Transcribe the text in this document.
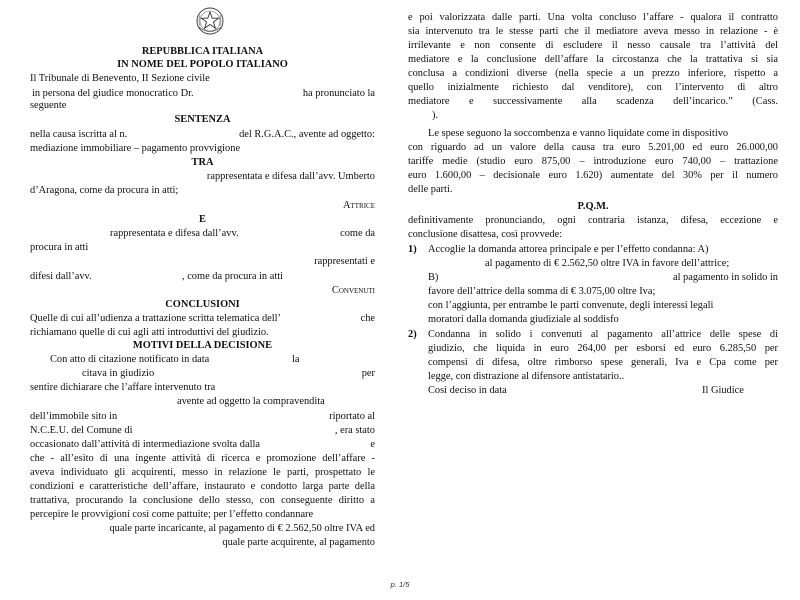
REPUBBLICA ITALIANA
IN NOME DEL POPOLO ITALIANO
Il Tribunale di Benevento, II Sezione civile
in persona del giudice monocratico Dr.	ha pronunciato la
seguente
SENTENZA
nella causa iscritta al n.	del R.G.A.C., avente ad oggetto:
mediazione immobiliare – pagamento provvigione
TRA
rappresentata e difesa dall’avv. Umberto
d’Aragona, come da procura in atti;
Attrice
E
rappresentata e difesa dall’avv.	come da
procura in atti
rappresentati e
difesi dall’avv.	, come da procura in atti
Convenuti
CONCLUSIONI
Quelle di cui all’udienza a trattazione scritta telematica dell’	che
richiamano quelle di cui agli atti introduttivi del giudizio.
MOTIVI DELLA DECISIONE
Con atto di citazione notificato in data	la
citava in giudizio	per
sentire dichiarare che l’affare intervenuto tra
avente ad oggetto la compravendita
dell’immobile sito in	riportato al
N.C.E.U. del Comune di	, era stato
occasionato dall’attività di intermediazione svolta dalla	e
che - all’esito di una ingente attività di ricerca e promozione dell’affare -
aveva individuato gli acquirenti, messo in relazione le parti, prospettato le
condizioni e caratteristiche dell’affare, instaurato e condotto larga parte della
trattativa, procurando la conclusione dello stesso, con conseguente diritto a
percepire le provvigioni così come pattuite; per l’effetto condannare
quale parte incaricante, al pagamento di € 2.562,50 oltre IVA ed
quale parte acquirente, al pagamento
e poi valorizzata dalle parti. Una volta concluso l’affare - qualora il contratto
sia intervenuto tra le stesse parti che il mediatore aveva messo in relazione - è
irrilevante e non consente di escludere il nesso causale tra l’attività del
mediatore e la conclusione dell’affare la circostanza che la trattativa si sia
conclusa a condizioni diverse (nella specie a un prezzo inferiore, rispetto a
quello inizialmente richiesto dal venditore), con l’intervento di altro
mediatore e successivamente alla scadenza dell’incarico.” (Cass.
).
Le spese seguono la soccombenza e vanno liquidate come in dispositivo
con riguardo ad un valore della causa tra euro 5.201,00 ed euro 26.000,00
tariffe medie (studio euro 875,00 – introduzione euro 740,00 – trattazione
euro 1.600,00 – decisionale euro 1.620) aumentate del 30% per il numero
delle parti.
P.Q.M.
definitivamente pronunciando, ogni contraria istanza, difesa, eccezione e
conclusione disattesa, così provvede:
1) Accoglie la domanda attorea principale e per l’effetto condanna: A)
al pagamento di € 2.562,50 oltre IVA in favore dell’attrice;
B)	al pagamento in solido in
favore dell’attrice della somma di € 3.075,00 oltre Iva;
con l’aggiunta, per entrambe le parti convenute, degli interessi legali
moratori dalla domanda giudiziale al soddisfo
2) Condanna in solido i convenuti al pagamento all’attrice delle spese di
giudizio, che liquida in euro 264,00 per esborsi ed euro 6.285,50 per
compensi di difesa, oltre rimborso spese generali, Iva e Cpa come per
legge, con distrazione al difensore antistatario..
Così deciso in data	Il Giudice
p. 1/5
